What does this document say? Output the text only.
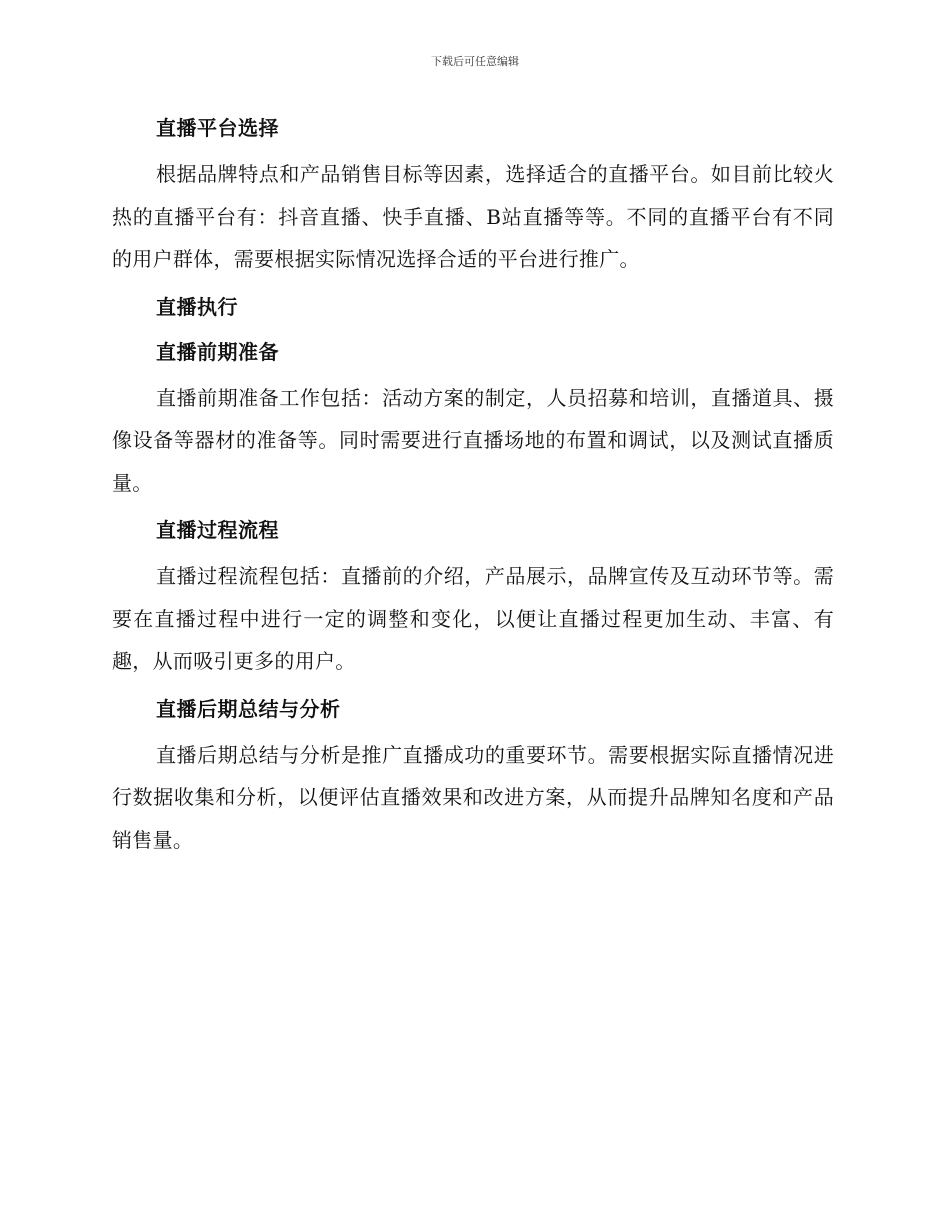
下载后可任意编辑
直播平台选择

根据品牌特点和产品销售目标等因素，选择适合的直播平台。如目前比较火热的直播平台有：抖音直播、快手直播、B站直播等等。不同的直播平台有不同的用户群体，需要根据实际情况选择合适的平台进行推广。

直播执行
直播前期准备

直播前期准备工作包括：活动方案的制定，人员招募和培训，直播道具、摄像设备等器材的准备等。同时需要进行直播场地的布置和调试，以及测试直播质量。

直播过程流程

直播过程流程包括：直播前的介绍，产品展示，品牌宣传及互动环节等。需要在直播过程中进行一定的调整和变化，以便让直播过程更加生动、丰富、有趣，从而吸引更多的用户。

直播后期总结与分析

直播后期总结与分析是推广直播成功的重要环节。需要根据实际直播情况进行数据收集和分析，以便评估直播效果和改进方案，从而提升品牌知名度和产品销售量。
